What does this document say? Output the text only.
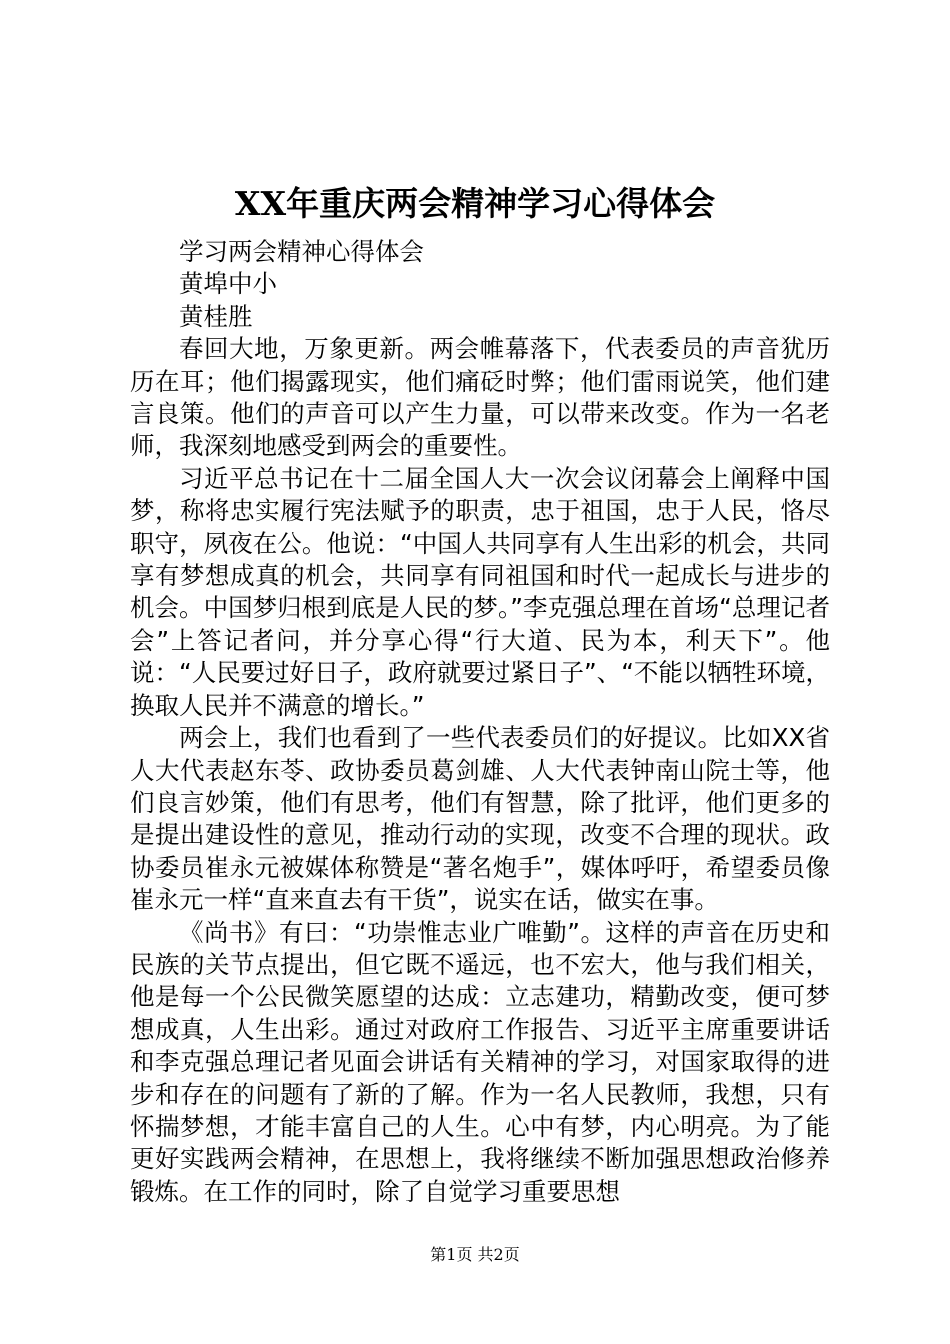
XX年重庆两会精神学习心得体会

学习两会精神心得体会

黄埠中小

黄桂胜

春回大地，万象更新。两会帷幕落下，代表委员的声音犹历历在耳；他们揭露现实，他们痛砭时弊；他们雷雨说笑，他们建言良策。他们的声音可以产生力量，可以带来改变。作为一名老师，我深刻地感受到两会的重要性。

习近平总书记在十二届全国人大一次会议闭幕会上阐释中国梦，称将忠实履行宪法赋予的职责，忠于祖国，忠于人民，恪尽职守，夙夜在公。他说：“中国人共同享有人生出彩的机会，共同享有梦想成真的机会，共同享有同祖国和时代一起成长与进步的机会。中国梦归根到底是人民的梦。”李克强总理在首场“总理记者会”上答记者问，并分享心得“行大道、民为本，利天下”。他说：“人民要过好日子，政府就要过紧日子”、“不能以牺牲环境，换取人民并不满意的增长。”

两会上，我们也看到了一些代表委员们的好提议。比如XX省人大代表赵东苓、政协委员葛剑雄、人大代表钟南山院士等，他们良言妙策，他们有思考，他们有智慧，除了批评，他们更多的是提出建设性的意见，推动行动的实现，改变不合理的现状。政协委员崔永元被媒体称赞是“著名炮手”，媒体呼吁，希望委员像崔永元一样“直来直去有干货”，说实在话，做实在事。

《尚书》有曰：“功崇惟志业广唯勤”。这样的声音在历史和民族的关节点提出，但它既不遥远，也不宏大，他与我们相关，他是每一个公民微笑愿望的达成：立志建功，精勤改变，便可梦想成真，人生出彩。通过对政府工作报告、习近平主席重要讲话和李克强总理记者见面会讲话有关精神的学习，对国家取得的进步和存在的问题有了新的了解。作为一名人民教师，我想，只有怀揣梦想，才能丰富自己的人生。心中有梦，内心明亮。为了能更好实践两会精神，在思想上，我将继续不断加强思想政治修养锻炼。在工作的同时，除了自觉学习重要思想

第1页 共2页
